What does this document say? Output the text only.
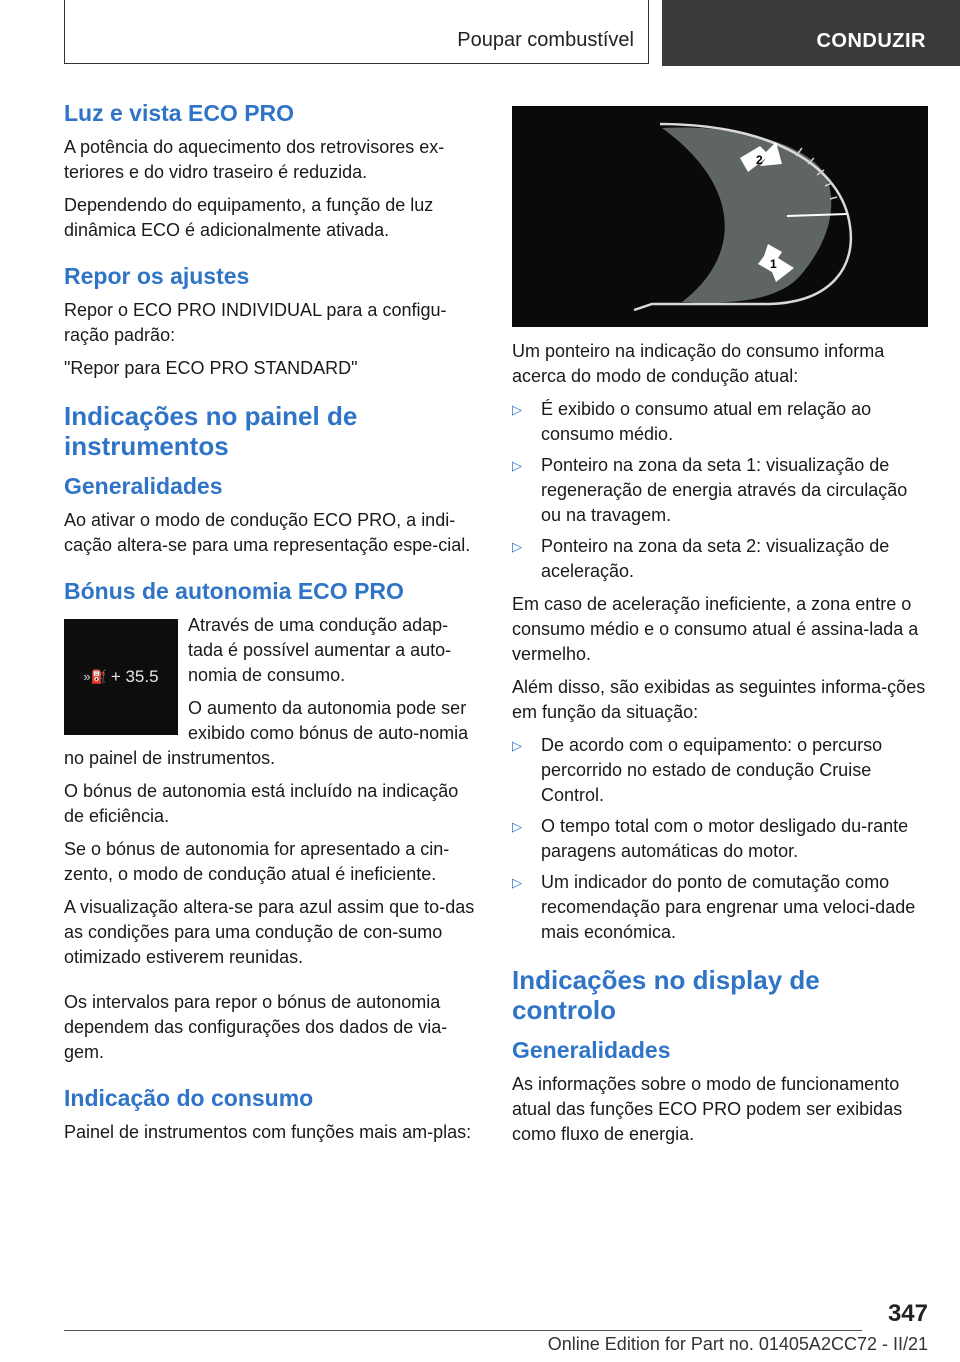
Poupar combustível	CONDUZIR
Luz e vista ECO PRO

A potência do aquecimento dos retrovisores ex-teriores e do vidro traseiro é reduzida.

Dependendo do equipamento, a função de luz dinâmica ECO é adicionalmente ativada.

Repor os ajustes

Repor o ECO PRO INDIVIDUAL para a configu-ração padrão:

"Repor para ECO PRO STANDARD"

Indicações no painel de instrumentos
Generalidades

Ao ativar o modo de condução ECO PRO, a indi-cação altera-se para uma representação espe-cial.

Bónus de autonomia ECO PRO
»⛽ + 35.5

Através de uma condução adap-tada é possível aumentar a auto-nomia de consumo.

O aumento da autonomia pode ser exibido como bónus de auto-nomia no painel de instrumentos.

O bónus de autonomia está incluído na indicação de eficiência.

Se o bónus de autonomia for apresentado a cin-zento, o modo de condução atual é ineficiente.

A visualização altera-se para azul assim que to-das as condições para uma condução de con-sumo otimizado estiverem reunidas.

Os intervalos para repor o bónus de autonomia dependem das configurações dos dados de via-gem.

Indicação do consumo

Painel de instrumentos com funções mais am-plas:

2
1

Um ponteiro na indicação do consumo informa acerca do modo de condução atual:

▷ É exibido o consumo atual em relação ao consumo médio.
▷ Ponteiro na zona da seta 1: visualização de regeneração de energia através da circulação ou na travagem.
▷ Ponteiro na zona da seta 2: visualização de aceleração.

Em caso de aceleração ineficiente, a zona entre o consumo médio e o consumo atual é assina-lada a vermelho.

Além disso, são exibidas as seguintes informa-ções em função da situação:

▷ De acordo com o equipamento: o percurso percorrido no estado de condução Cruise Control.
▷ O tempo total com o motor desligado du-rante paragens automáticas do motor.
▷ Um indicador do ponto de comutação como recomendação para engrenar uma veloci-dade mais económica.
Indicações no display de controlo
Generalidades

As informações sobre o modo de funcionamento atual das funções ECO PRO podem ser exibidas como fluxo de energia.

347
Online Edition for Part no. 01405A2CC72 - II/21
